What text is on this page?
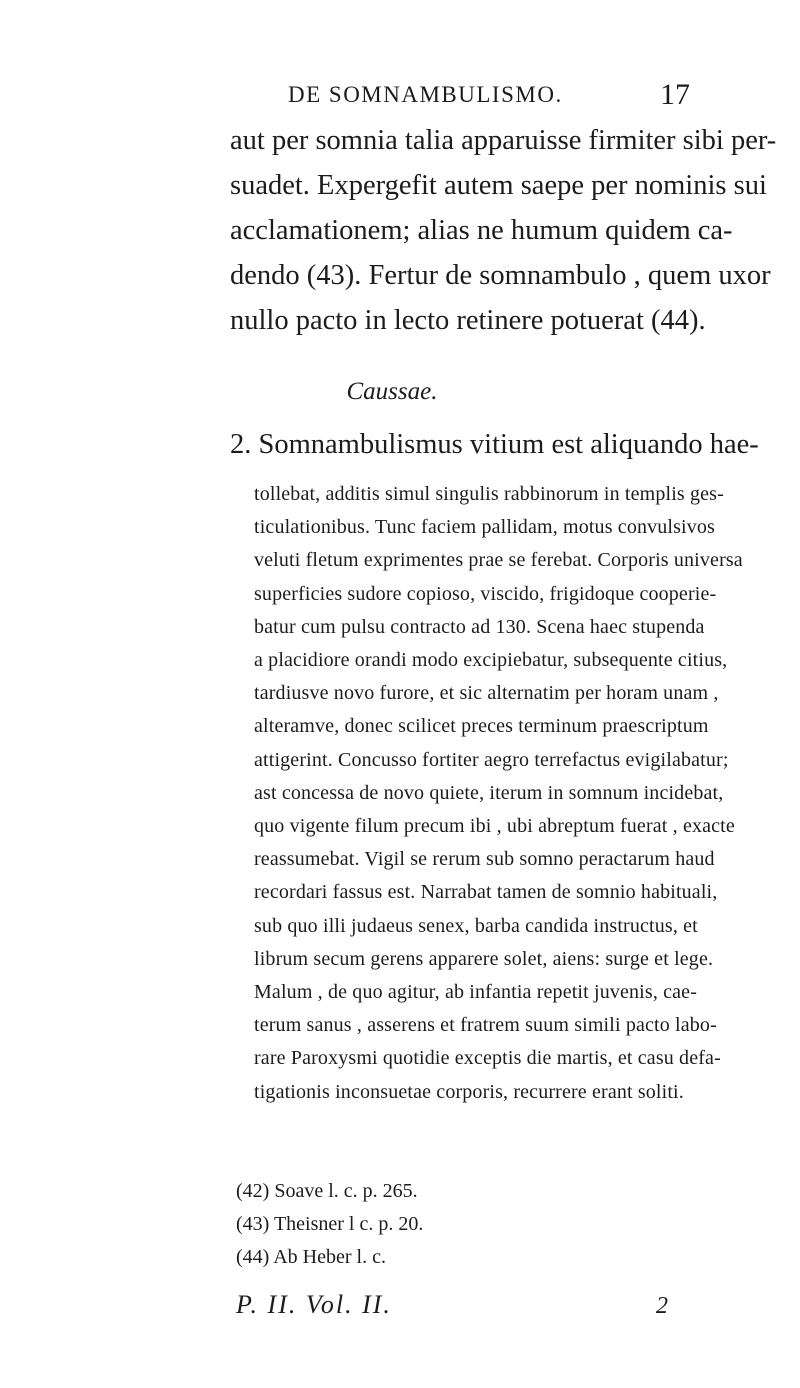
DE SOMNAMBULISMO.	17
aut per somnia talia apparuisse firmiter sibi per-
suadet. Expergefit autem saepe per nominis sui
acclamationem; alias ne humum quidem ca-
dendo (43). Fertur de somnambulo , quem uxor
nullo pacto in lecto retinere potuerat (44).
Caussae.
2. Somnambulismus vitium est aliquando hae-
tollebat, additis simul singulis rabbinorum in templis ges-
ticulationibus. Tunc faciem pallidam, motus convulsivos
veluti fletum exprimentes prae se ferebat. Corporis universa
superficies sudore copioso, viscido, frigidoque cooperie-
batur cum pulsu contracto ad 130. Scena haec stupenda
a placidiore orandi modo excipiebatur, subsequente citius,
tardiusve novo furore, et sic alternatim per horam unam ,
alteramve, donec scilicet preces terminum praescriptum
attigerint. Concusso fortiter aegro terrefactus evigilabatur;
ast concessa de novo quiete, iterum in somnum incidebat,
quo vigente filum precum ibi , ubi abreptum fuerat , exacte
reassumebat. Vigil se rerum sub somno peractarum haud
recordari fassus est. Narrabat tamen de somnio habituali,
sub quo illi judaeus senex, barba candida instructus, et
librum secum gerens apparere solet, aiens: surge et lege.
Malum , de quo agitur, ab infantia repetit juvenis, cae-
terum sanus , asserens et fratrem suum simili pacto labo-
rare Paroxysmi quotidie exceptis die martis, et casu defa-
tigationis inconsuetae corporis, recurrere erant soliti.
(42) Soave l. c. p. 265.
(43) Theisner l c. p. 20.
(44) Ab Heber l. c.
P. II. Vol. II.	2
